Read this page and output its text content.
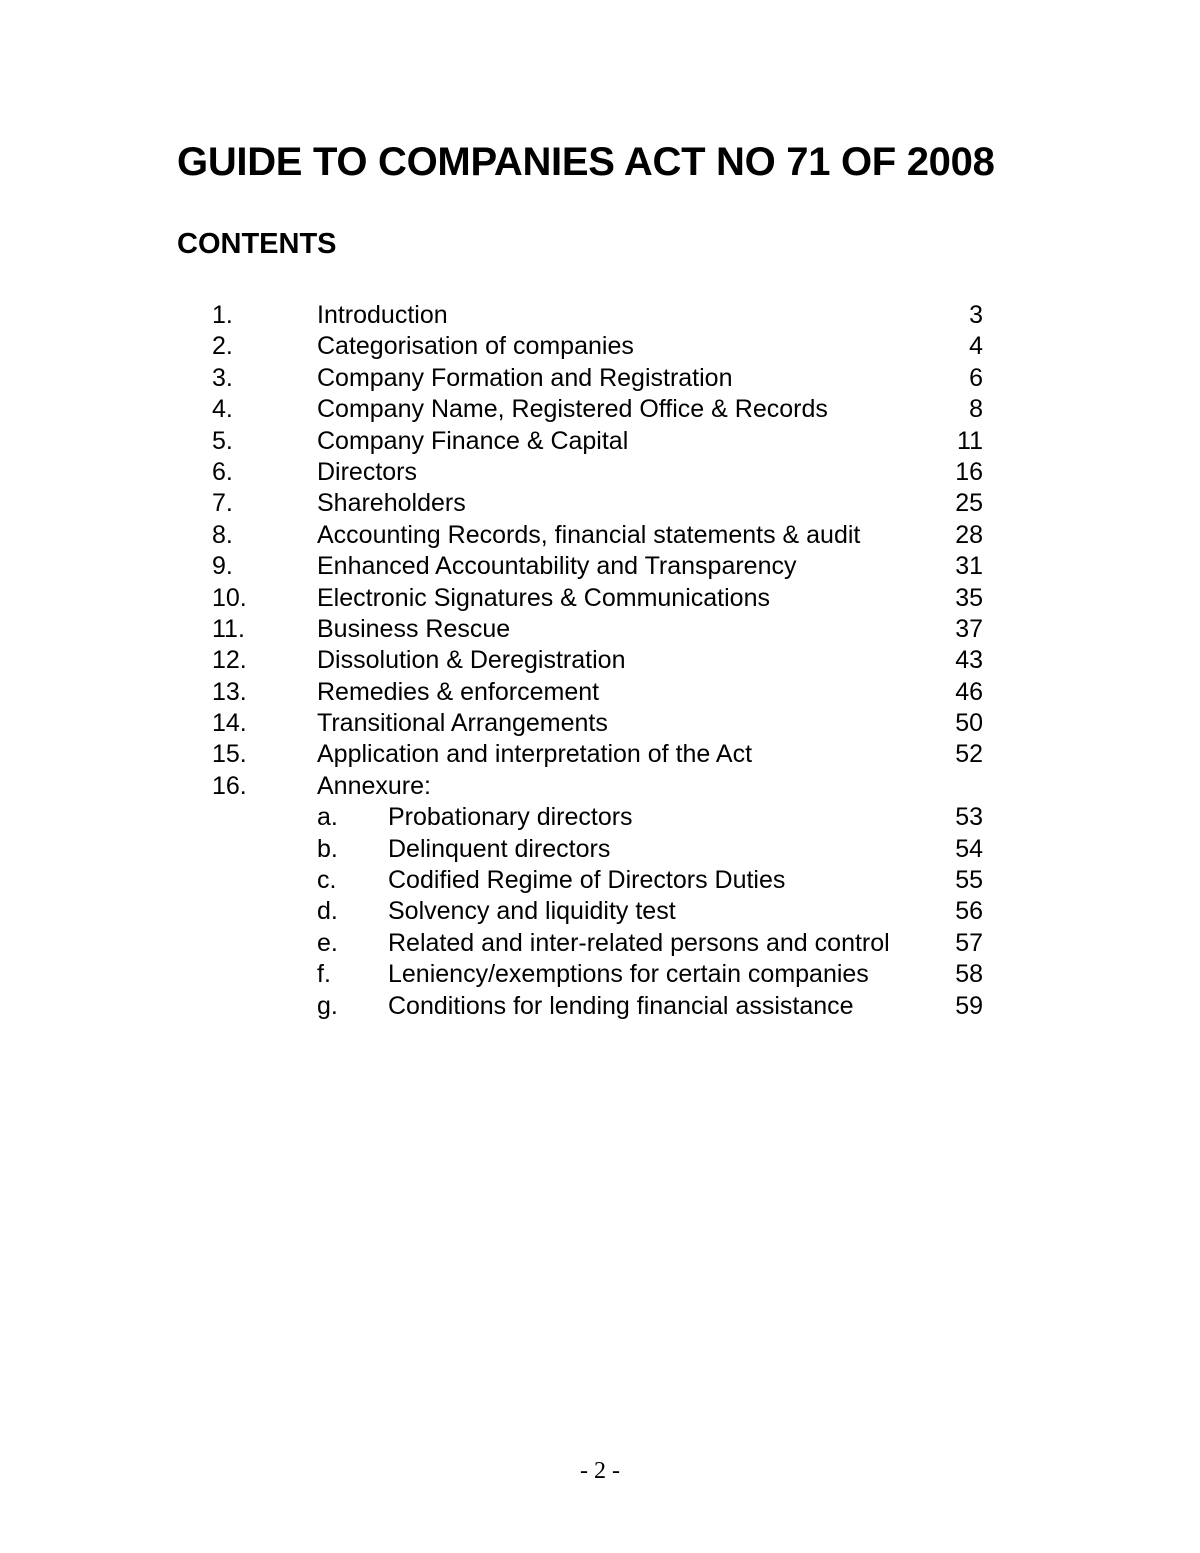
GUIDE TO COMPANIES ACT NO 71 OF 2008
CONTENTS
1.	Introduction	3
2.	Categorisation of companies	4
3.	Company Formation and Registration	6
4.	Company Name, Registered Office & Records	8
5.	Company Finance & Capital	11
6.	Directors	16
7.	Shareholders	25
8.	Accounting Records, financial statements & audit	28
9.	Enhanced Accountability and Transparency	31
10.	Electronic Signatures & Communications	35
11.	Business Rescue	37
12.	Dissolution & Deregistration	43
13.	Remedies & enforcement	46
14.	Transitional Arrangements	50
15.	Application and interpretation of the Act	52
16.	Annexure:
a. Probationary directors	53
b. Delinquent directors	54
c. Codified Regime of Directors Duties	55
d. Solvency and liquidity test	56
e. Related and inter-related persons and control	57
f. Leniency/exemptions for certain companies	58
g. Conditions for lending financial assistance	59
- 2 -
